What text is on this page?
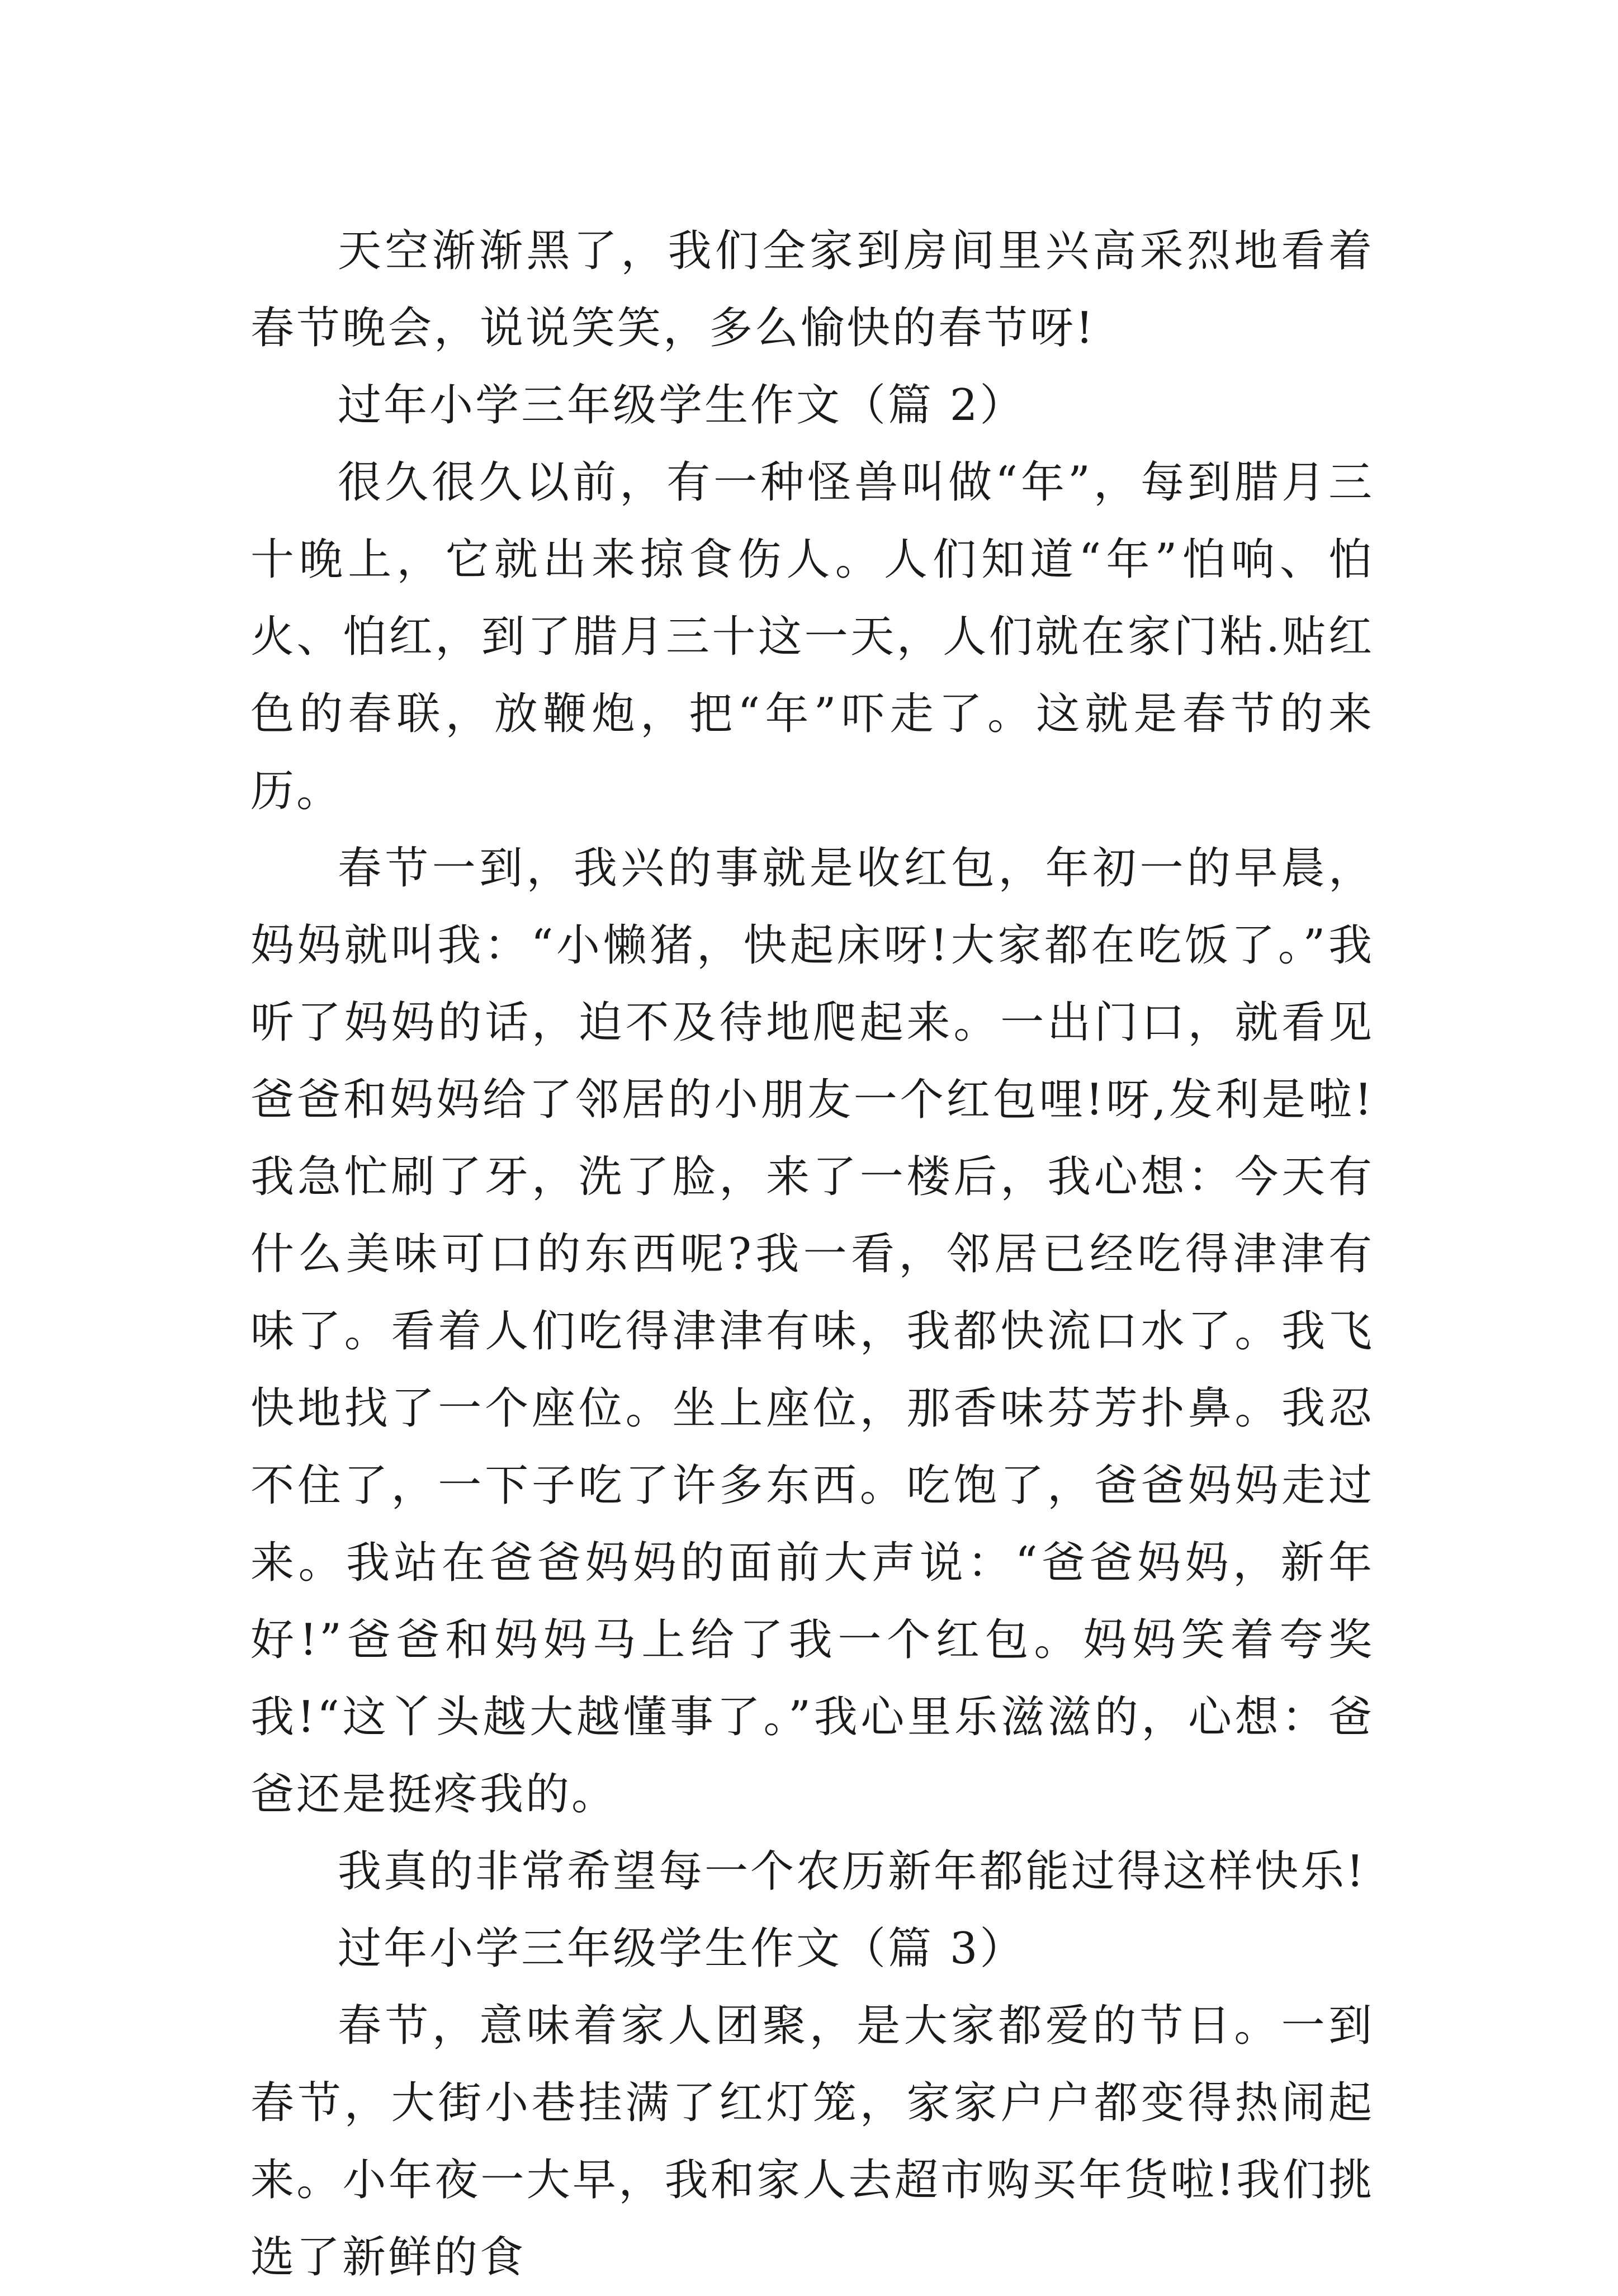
天空渐渐黑了，我们全家到房间里兴高采烈地看着春节晚会，说说笑笑，多么愉快的春节呀!

过年小学三年级学生作文（篇 2）

很久很久以前，有一种怪兽叫做“年”，每到腊月三十晚上，它就出来掠食伤人。人们知道“年”怕响、怕火、怕红，到了腊月三十这一天，人们就在家门粘.贴红色的春联，放鞭炮，把“年”吓走了。这就是春节的来历。

春节一到，我兴的事就是收红包，年初一的早晨，妈妈就叫我：“小懒猪，快起床呀!大家都在吃饭了。”我听了妈妈的话，迫不及待地爬起来。一出门口，就看见爸爸和妈妈给了邻居的小朋友一个红包哩!呀,发利是啦!我急忙刷了牙，洗了脸，来了一楼后，我心想：今天有什么美味可口的东西呢?我一看，邻居已经吃得津津有味了。看着人们吃得津津有味，我都快流口水了。我飞快地找了一个座位。坐上座位，那香味芬芳扑鼻。我忍不住了，一下子吃了许多东西。吃饱了，爸爸妈妈走过来。我站在爸爸妈妈的面前大声说：“爸爸妈妈，新年好!”爸爸和妈妈马上给了我一个红包。妈妈笑着夸奖我!“这丫头越大越懂事了。”我心里乐滋滋的，心想：爸爸还是挺疼我的。

我真的非常希望每一个农历新年都能过得这样快乐!

过年小学三年级学生作文（篇 3）

春节，意味着家人团聚，是大家都爱的节日。一到春节，大街小巷挂满了红灯笼，家家户户都变得热闹起来。小年夜一大早，我和家人去超市购买年货啦!我们挑选了新鲜的食
